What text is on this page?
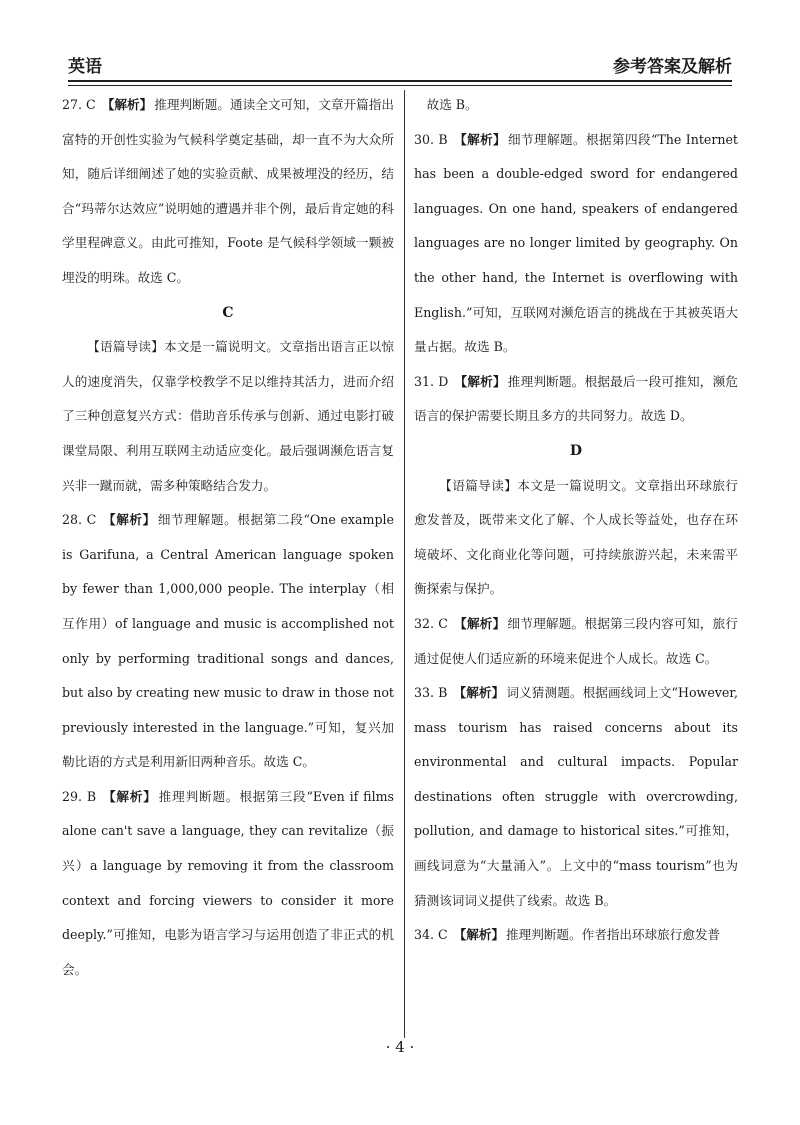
英语	参考答案及解析

27. C 【解析】 推理判断题。通读全文可知，文章开篇指出富特的开创性实验为气候科学奠定基础，却一直不为大众所知，随后详细阐述了她的实验贡献、成果被埋没的经历，结合“玛蒂尔达效应”说明她的遭遇并非个例，最后肯定她的科学里程碑意义。由此可推知，Foote 是气候科学领域一颗被埋没的明珠。故选 C。

C

【语篇导读】本文是一篇说明文。文章指出语言正以惊人的速度消失，仅靠学校教学不足以维持其活力，进而介绍了三种创意复兴方式：借助音乐传承与创新、通过电影打破课堂局限、利用互联网主动适应变化。最后强调濒危语言复兴非一蹴而就，需多种策略结合发力。

28. C 【解析】 细节理解题。根据第二段“One example is Garifuna, a Central American language spoken by fewer than 1,000,000 people. The interplay（相互作用）of language and music is accomplished not only by performing traditional songs and dances, but also by creating new music to draw in those not previously interested in the language.”可知，复兴加勒比语的方式是利用新旧两种音乐。故选 C。

29. B 【解析】 推理判断题。根据第三段“Even if films alone can't save a language, they can revitalize（振兴）a language by removing it from the classroom context and forcing viewers to consider it more deeply.”可推知，电影为语言学习与运用创造了非正式的机会。

故选 B。

30. B 【解析】 细节理解题。根据第四段“The Internet has been a double-edged sword for endangered languages. On one hand, speakers of endangered languages are no longer limited by geography. On the other hand, the Internet is overflowing with English.”可知，互联网对濒危语言的挑战在于其被英语大量占据。故选 B。

31. D 【解析】 推理判断题。根据最后一段可推知，濒危语言的保护需要长期且多方的共同努力。故选 D。

D

【语篇导读】本文是一篇说明文。文章指出环球旅行愈发普及，既带来文化了解、个人成长等益处，也存在环境破坏、文化商业化等问题，可持续旅游兴起，未来需平衡探索与保护。

32. C 【解析】 细节理解题。根据第三段内容可知，旅行通过促使人们适应新的环境来促进个人成长。故选 C。

33. B 【解析】 词义猜测题。根据画线词上文“However, mass tourism has raised concerns about its environmental and cultural impacts. Popular destinations often struggle with overcrowding, pollution, and damage to historical sites.”可推知，画线词意为“大量涌入”。上文中的“mass tourism”也为猜测该词词义提供了线索。故选 B。

34. C 【解析】 推理判断题。作者指出环球旅行愈发普

· 4 ·
